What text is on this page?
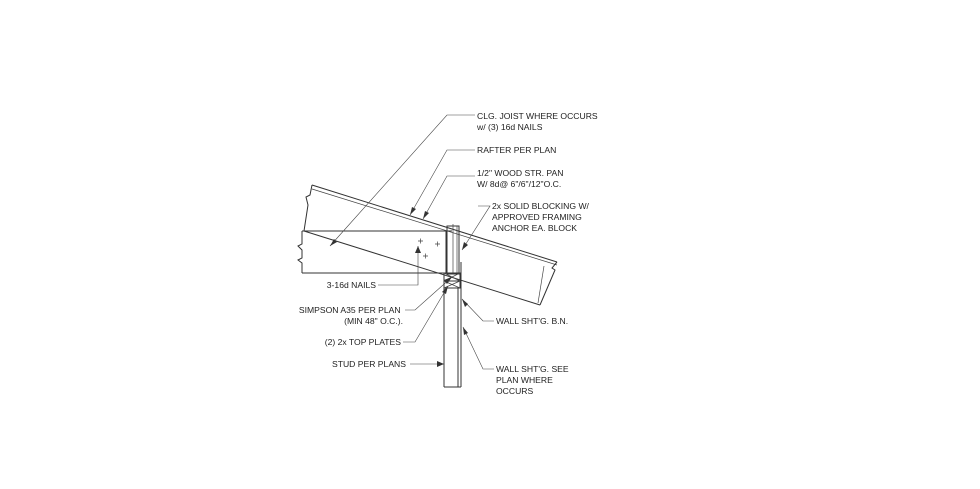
CLG. JOIST WHERE OCCURS w/ (3) 16d NAILS
RAFTER PER PLAN
1/2" WOOD STR. PAN W/ 8d@ 6"/6"/12"O.C.
2x SOLID BLOCKING W/ APPROVED FRAMING ANCHOR EA. BLOCK
3-16d NAILS
SIMPSON A35 PER PLAN (MIN 48" O.C.).	WALL SHT'G. B.N.
(2) 2x TOP PLATES
WALL SHT'G. SEE PLAN WHERE OCCURS
STUD PER PLANS
